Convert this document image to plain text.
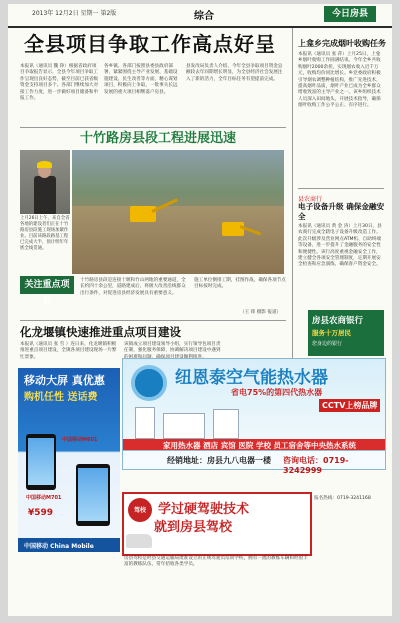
2013年 12月2日 星期一 第2版	综合	今日房县
全县项目争取工作高点好呈
本报讯（通讯员 魏 铮）根据省政府项目争取报告显示，全县今年项目争取工作呈现出良好态势，截至目前已获省级资金支持项目多个。各部门继续加大对接工作力度，进一步做好项目储备和申报工作。
各乡镇、各部门按照县委县政府部署，紧紧围绕主导产业发展、基础设施建设、民生改善等方面，精心谋划项目，积极向上争取，一批事关长远发展的重大项目相继落户房县。
县发改局负责人介绍，今年全县争取项目资金总额较去年同期增长明显，为全县经济社会发展注入了新的活力，全年目标任务有望提前完成。
十竹路房县段工程进展迅速
上月26日上午，来自全省各地的建设者们正在十竹路房县段施工现场加紧作业。目前该路段路基工程已完成大半，预计明年年底全线贯通。
关注重点项目
十竹路房县段是连接十堰和竹山两地的重要通道，全长约四十余公里，道路建成后，将极大改善沿线群众出行条件，对促进房县经济发展具有重要意义。
施工单位倒排工期，挂图作战，确保各项节点目标按时完成。
（王 锋 摄影 报道）
化龙堰镇快速推进重点项目建设
本报讯（通讯员 张 雪 ）连日来，化龙堰镇积极推进重点项目建设，全镇各项目建设现场一片繁忙景象。
该镇成立项目建设领导小组，实行领导包项目责任制，强化服务保障，协调解决项目建设中遇到
上龛乡完成烟叶收购任务
本报讯（通讯员 张 萍）上月25日，上龛乡烟叶收购工作圆满结束。今年全乡共收购烟叶2000余担，实现烟农收入近千万元，收购均价同比增长。乡党委政府积极引导烟农调整种植结构，推广先进技术，提高烟叶品质，烟叶产业已成为全乡群众增收致富的主导产业之一。该乡组织技术人员深入田间地头，开展技术指导，确保烟叶收购工作公平公正、有序进行。
县农商行
电子设备升级 确保金融安全
本报讯（通讯员 黄 金 涛）上月30日，县农商行完成全辖电子设备升级改造工作。此次升级涉及营业网点ATM机、自助终端等设备，进一步提升了金融服务的安全性和便捷性。该行高度重视金融安全工作，建立健全各项安全管理制度，定期开展安全检查和应急演练，确保客户资金安全。
房县农商银行
服务十万居民
您身边的银行
移动大屏 真优惠
购机任性 送话费
中国移动M601
中国移动M701
¥599
中国移动 China Mobile
纽恩泰空气能热水器
省电75%的第四代热水器
CCTV上榜品牌
家用热水器 酒店 宾馆 医院 学校 员工宿舍等中央热水系统
经销地址：房县九八电器一楼 咨询电话：0719-3242999
驾校 学过硬驾驶技术
就到房县驾校
房县驾校是经县交通运输局批准设立的正规驾驶员培训学校，拥有一流的教练车辆和经验丰富的教练队伍，常年招收各类学员。
报名热线：0719-3241168
